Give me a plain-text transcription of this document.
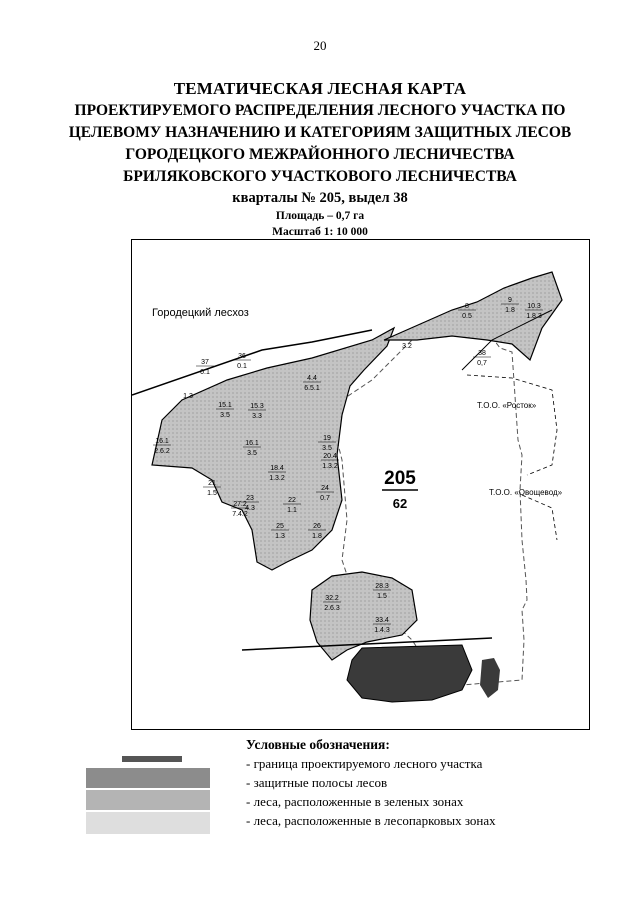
20
ТЕМАТИЧЕСКАЯ ЛЕСНАЯ КАРТА
ПРОЕКТИРУЕМОГО РАСПРЕДЕЛЕНИЯ ЛЕСНОГО УЧАСТКА ПО
ЦЕЛЕВОМУ НАЗНАЧЕНИЮ И КАТЕГОРИЯМ ЗАЩИТНЫХ ЛЕСОВ
ГОРОДЕЦКОГО МЕЖРАЙОННОГО ЛЕСНИЧЕСТВА
БРИЛЯКОВСКОГО УЧАСТКОВОГО ЛЕСНИЧЕСТВА
кварталы № 205, выдел 38
Площадь – 0,7 га
Масштаб 1: 10 000
Городецкий лесхоз
205
62
Т.О.О. «Росток»
Т.О.О. «Овощевод»
38
0,7
37
0.1
36
0.1
4.4
6.5.1
15.1
3.5
16.1
2.6.2
15.3
3.3
16.1
3.5
19
3.5
20.4
1.3.2
18.4
1.3.2
23
4.3
22
1.1
24
0.7
25
1.3
26
1.8
27.2
7.4.2
21
1.5
28.3
1.5
32.2
2.6.3
33.4
1.4.3
10.3
1.8.3
9
1.8
8
0.5
3.2
1.3
Условные обозначения:
- граница проектируемого лесного участка
- защитные полосы лесов
- леса, расположенные в зеленых зонах
- леса, расположенные в лесопарковых зонах
